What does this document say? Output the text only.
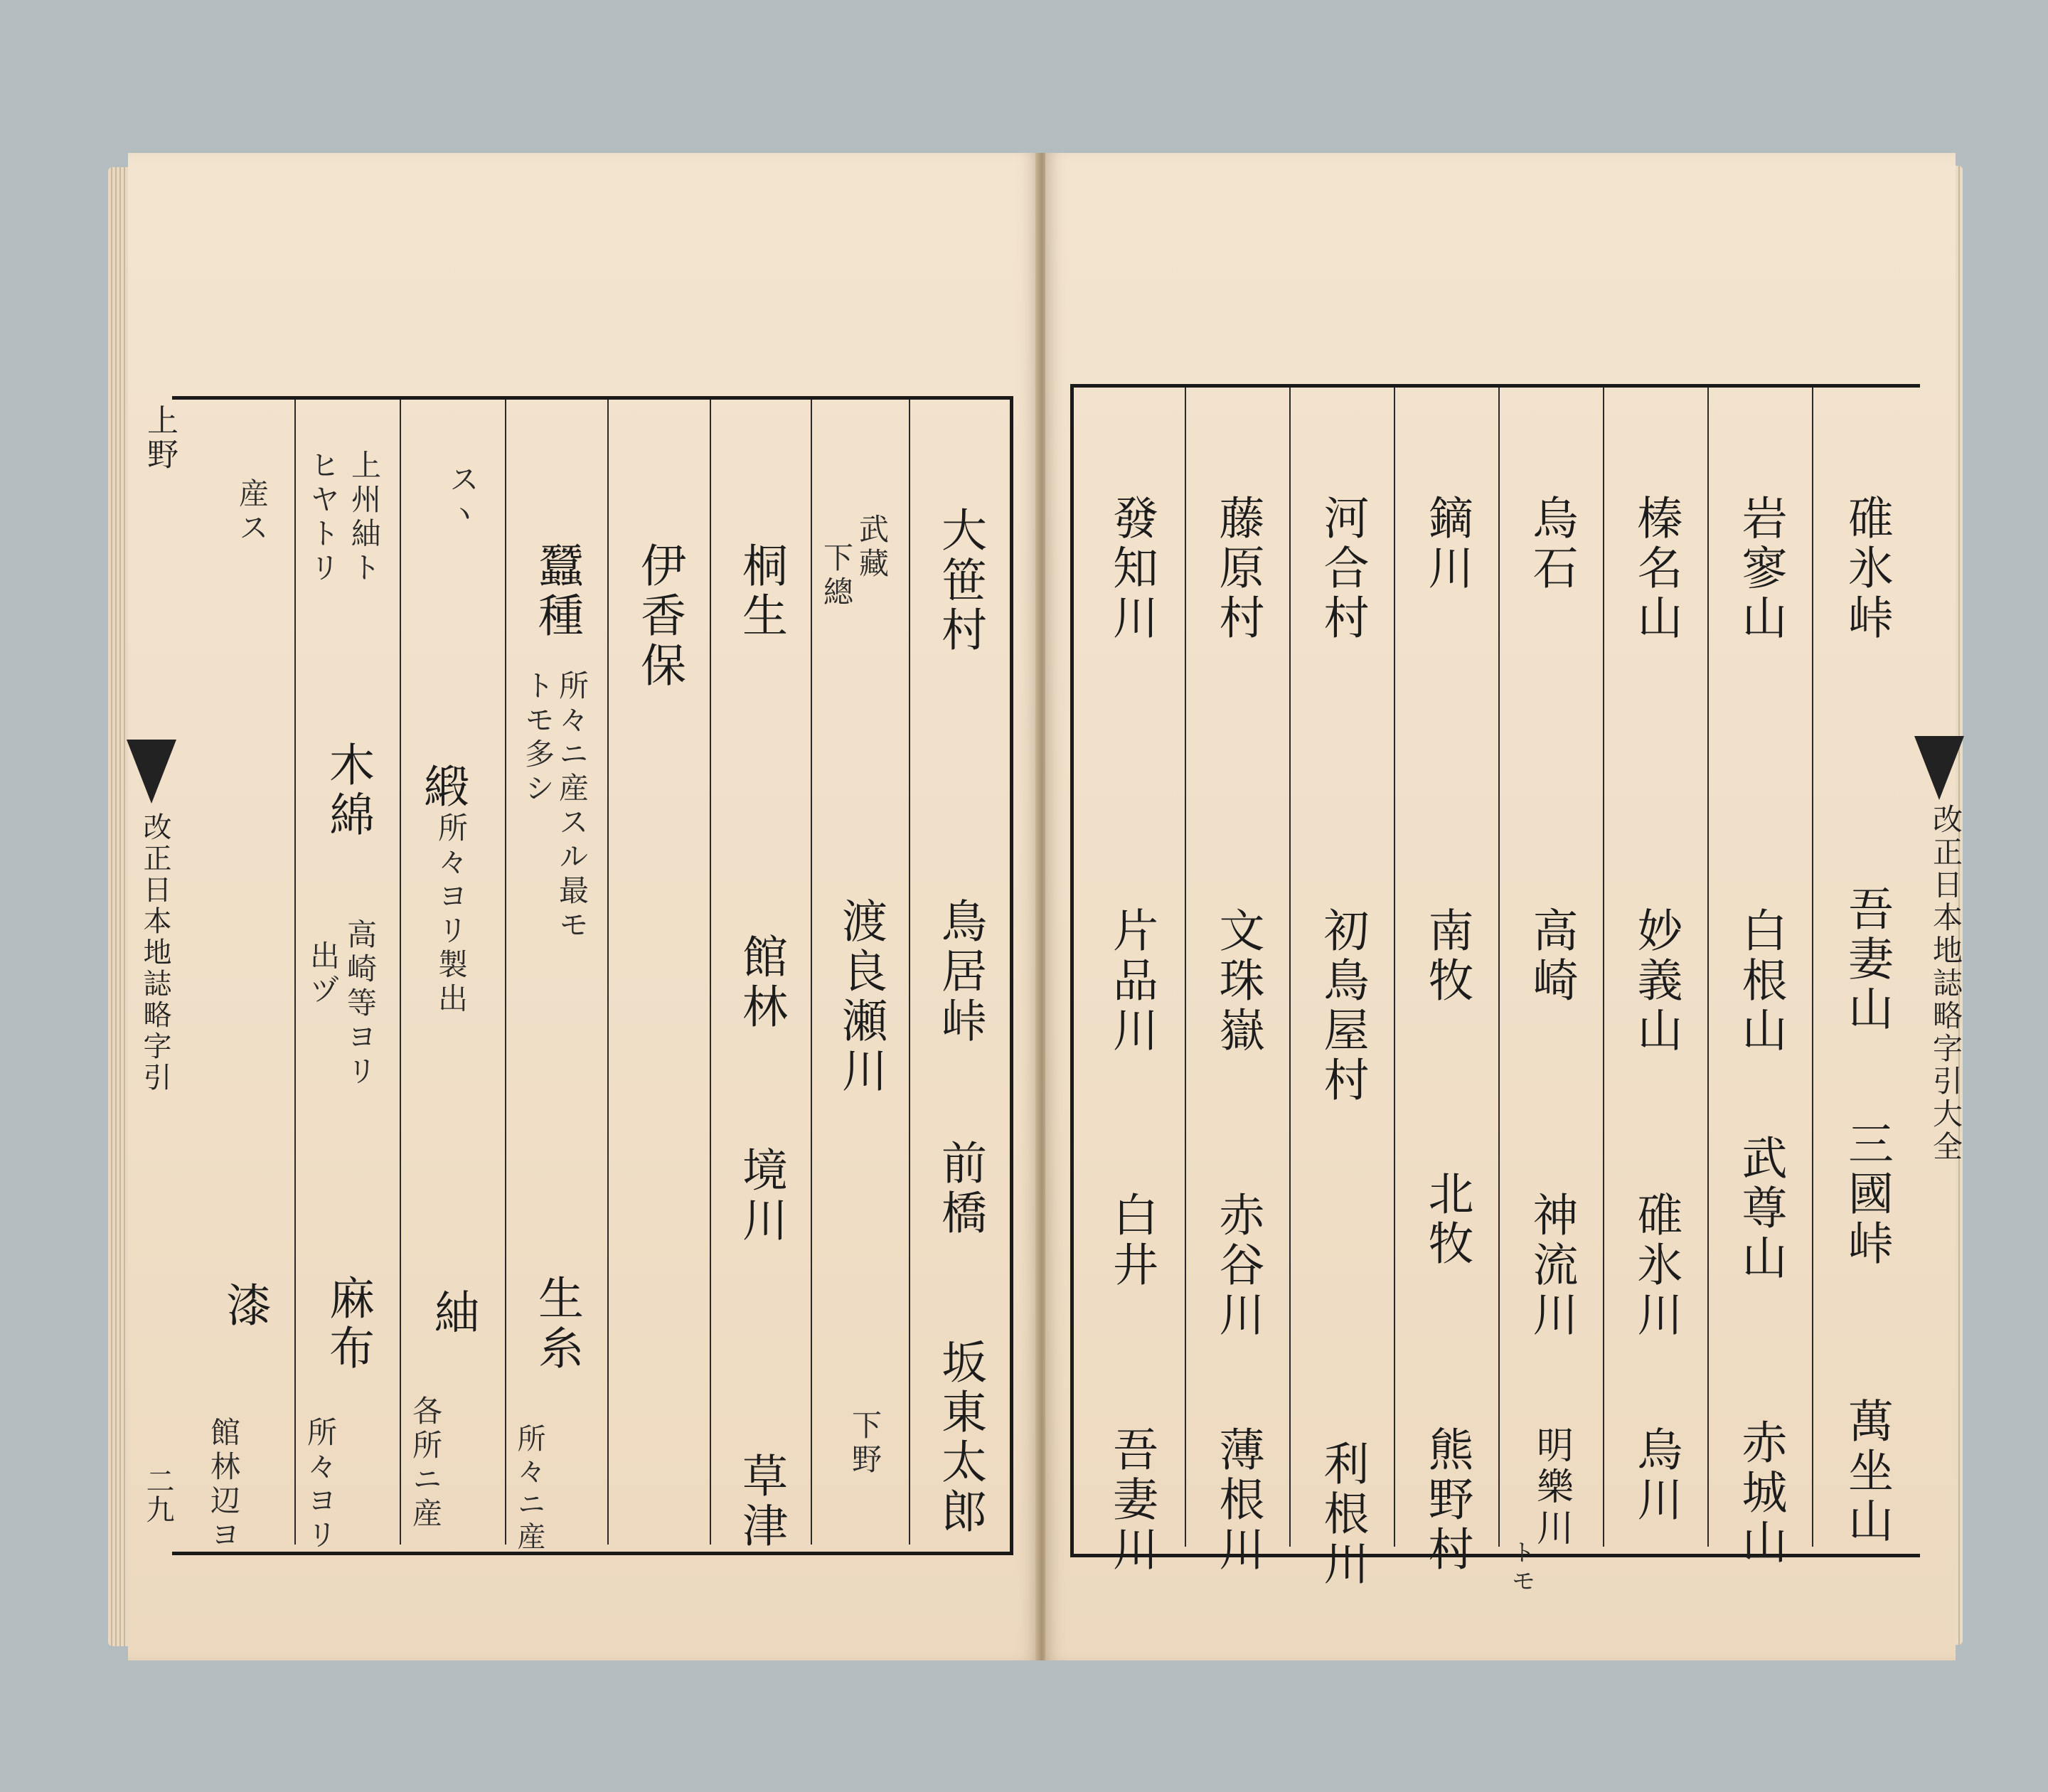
上野
改正日本地誌略字引
二九
大笹村
鳥居峠
前橋
坂東太郎
武藏
下總
渡良瀬川
下野
桐生
館林
境川
草津
伊香保
蠶種
トモ多シ 所々ニ産スル最モ
生糸
所々ニ産
スヽ
緞
所々ヨリ製出
紬
各所ニ産
上州紬ト
ヒヤトリ
木綿
出ヅ 高崎等ヨリ
麻布
所々ヨリ
産ス
漆
館林辺ヨ
改正日本地誌略字引大全
碓氷峠
吾妻山
三國峠
萬坐山
岩寥山
白根山
武尊山
赤城山
榛名山
妙義山
碓氷川
烏川
烏石
高崎
神流川
明樂川
トモ
鏑川
南牧
北牧
熊野村
河合村
初鳥屋村
利根川
藤原村
文珠嶽
赤谷川
薄根川
發知川
片品川
白井
吾妻川
